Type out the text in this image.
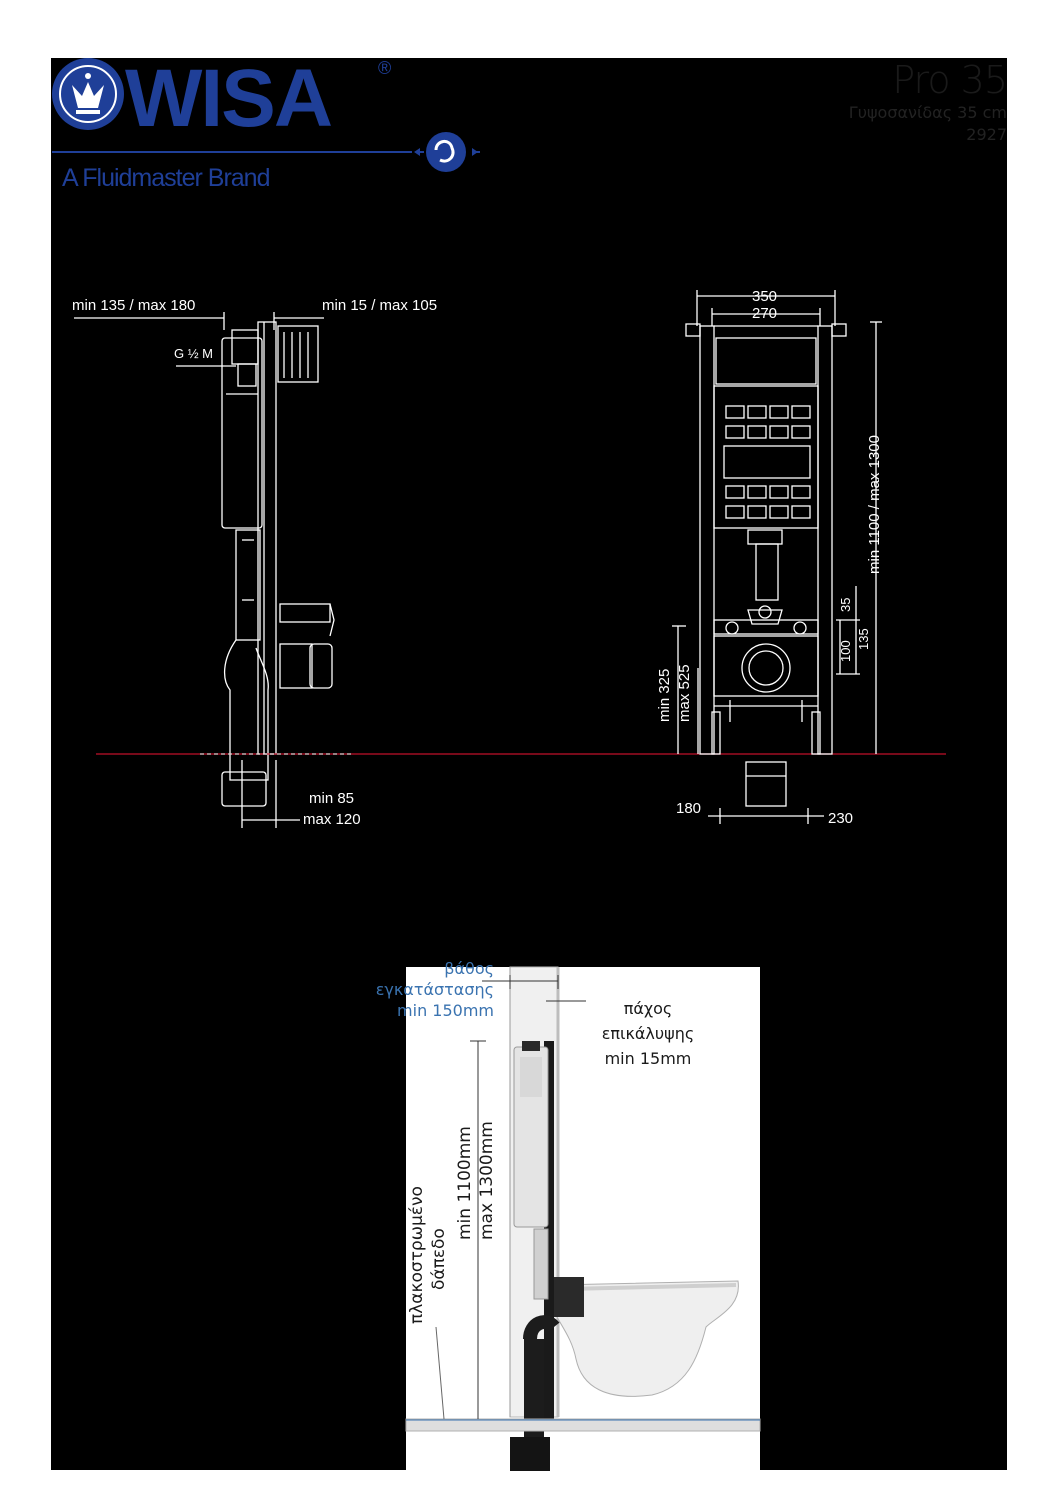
WISA	®
A Fluidmaster Brand
Pro 35
Γυψοσανίδας 35 cm
2927
min 135 / max 180	min 15 / max 105
G ½ M
min 85
max 120
350
270
min 1100 / max 1300
35
100
135
min 325 max 525
180
230
βάθος
εγκατάστασης
min 150mm	πάχος
επικάλυψης
min 15mm
min 1100mm max 1300mm
πλακοστρωμένο δάπεδο
